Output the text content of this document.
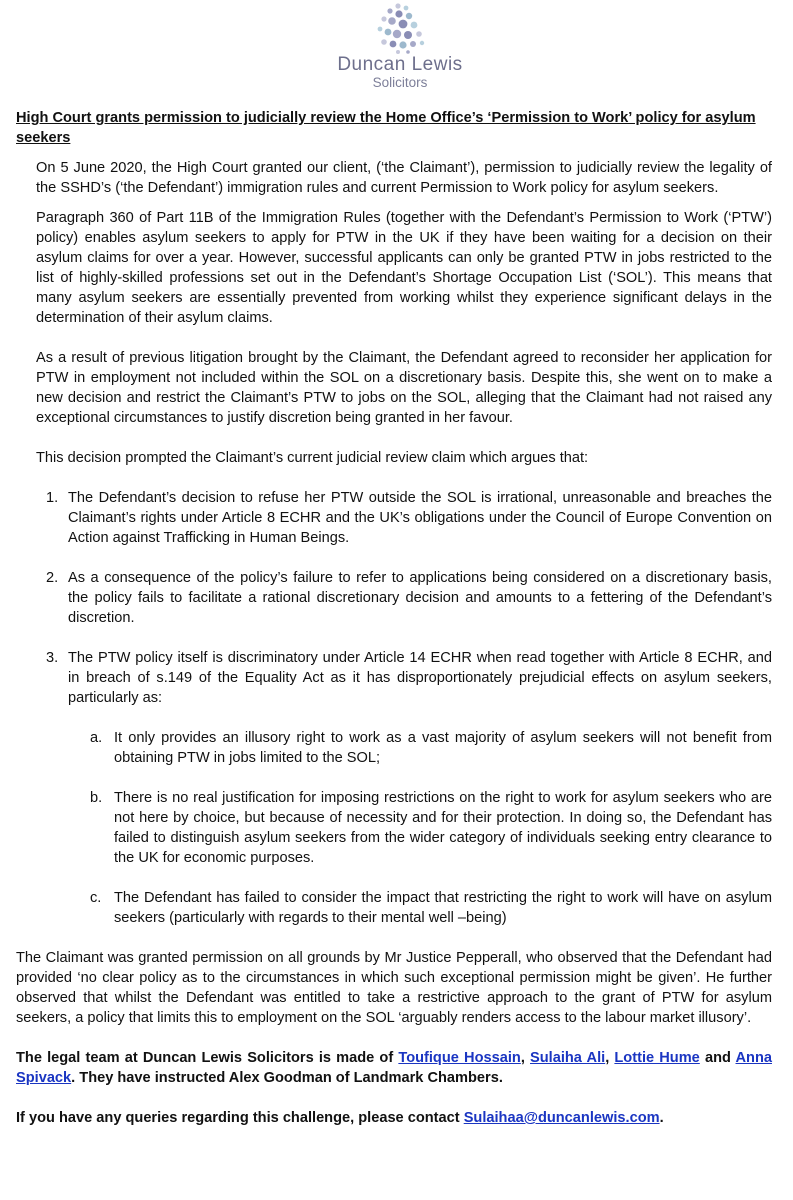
Duncan Lewis
Solicitors
High Court grants permission to judicially review the Home Office’s ‘Permission to Work’ policy for asylum seekers

On 5 June 2020, the High Court granted our client, (‘the Claimant’), permission to judicially review the legality of the SSHD’s (‘the Defendant’) immigration rules and current Permission to Work policy for asylum seekers.

Paragraph 360 of Part 11B of the Immigration Rules (together with the Defendant’s Permission to Work (‘PTW’) policy) enables asylum seekers to apply for PTW in the UK if they have been waiting for a decision on their asylum claims for over a year. However, successful applicants can only be granted PTW in jobs restricted to the list of highly-skilled professions set out in the Defendant’s Shortage Occupation List (‘SOL’). This means that many asylum seekers are essentially prevented from working whilst they experience significant delays in the determination of their asylum claims.

As a result of previous litigation brought by the Claimant, the Defendant agreed to reconsider her application for PTW in employment not included within the SOL on a discretionary basis. Despite this, she went on to make a new decision and restrict the Claimant’s PTW to jobs on the SOL, alleging that the Claimant had not raised any exceptional circumstances to justify discretion being granted in her favour.

This decision prompted the Claimant’s current judicial review claim which argues that:

1. The Defendant’s decision to refuse her PTW outside the SOL is irrational, unreasonable and breaches the Claimant’s rights under Article 8 ECHR and the UK’s obligations under the Council of Europe Convention on Action against Trafficking in Human Beings.
2. As a consequence of the policy’s failure to refer to applications being considered on a discretionary basis, the policy fails to facilitate a rational discretionary decision and amounts to a fettering of the Defendant’s discretion.
3. The PTW policy itself is discriminatory under Article 14 ECHR when read together with Article 8 ECHR, and in breach of s.149 of the Equality Act as it has disproportionately prejudicial effects on asylum seekers, particularly as:
a. It only provides an illusory right to work as a vast majority of asylum seekers will not benefit from obtaining PTW in jobs limited to the SOL;
b. There is no real justification for imposing restrictions on the right to work for asylum seekers who are not here by choice, but because of necessity and for their protection. In doing so, the Defendant has failed to distinguish asylum seekers from the wider category of individuals seeking entry clearance to the UK for economic purposes.
c. The Defendant has failed to consider the impact that restricting the right to work will have on asylum seekers (particularly with regards to their mental well –being)

The Claimant was granted permission on all grounds by Mr Justice Pepperall, who observed that the Defendant had provided ‘no clear policy as to the circumstances in which such exceptional permission might be given’. He further observed that whilst the Defendant was entitled to take a restrictive approach to the grant of PTW for asylum seekers, a policy that limits this to employment on the SOL ‘arguably renders access to the labour market illusory’.

The legal team at Duncan Lewis Solicitors is made of Toufique Hossain, Sulaiha Ali, Lottie Hume and Anna Spivack. They have instructed Alex Goodman of Landmark Chambers.

If you have any queries regarding this challenge, please contact Sulaihaa@duncanlewis.com.
